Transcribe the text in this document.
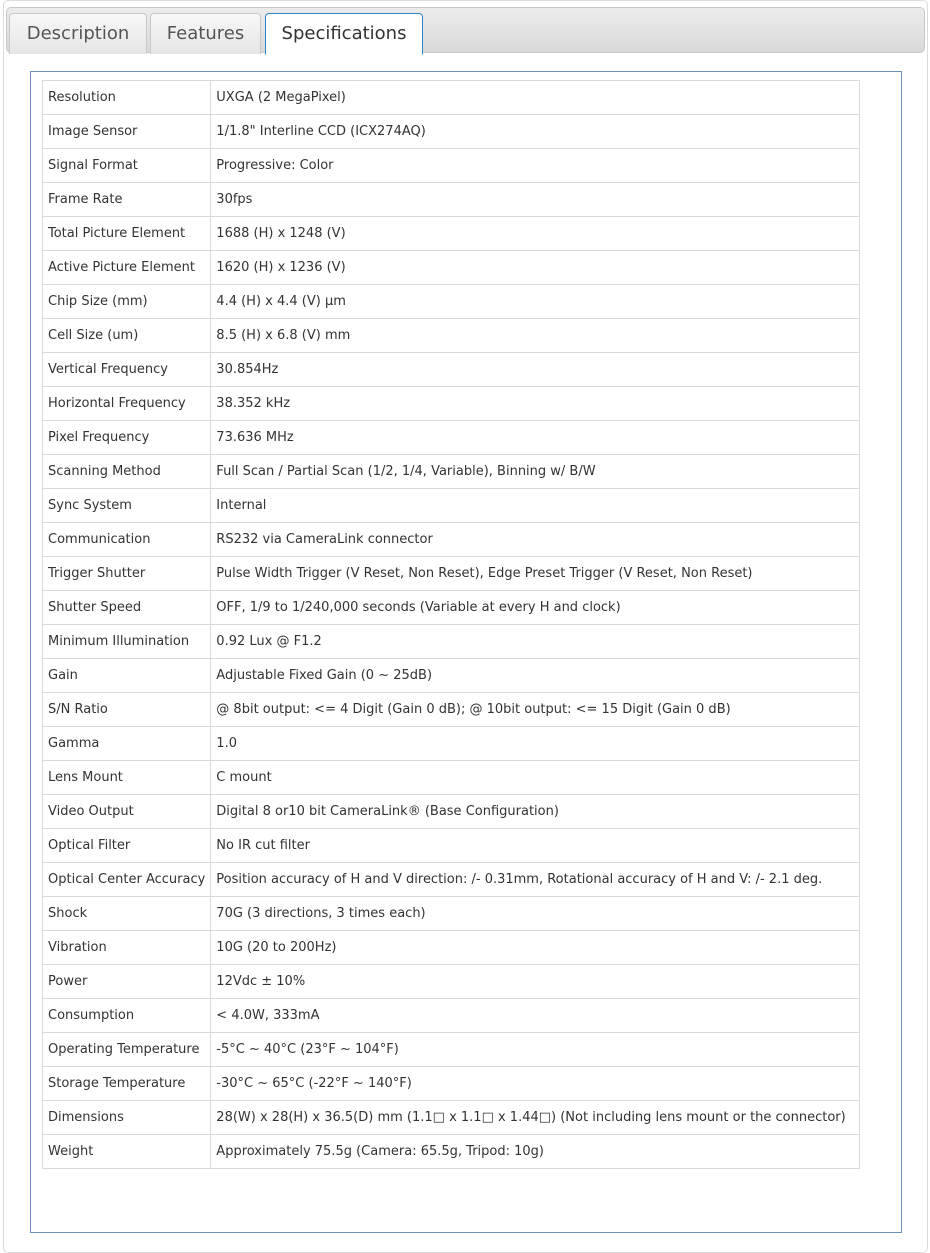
Description	Features	Specifications
Resolution	UXGA (2 MegaPixel)
Image Sensor	1/1.8" Interline CCD (ICX274AQ)
Signal Format	Progressive: Color
Frame Rate	30fps
Total Picture Element	1688 (H) x 1248 (V)
Active Picture Element	1620 (H) x 1236 (V)
Chip Size (mm)	4.4 (H) x 4.4 (V) µm
Cell Size (um)	8.5 (H) x 6.8 (V) mm
Vertical Frequency	30.854Hz
Horizontal Frequency	38.352 kHz
Pixel Frequency	73.636 MHz
Scanning Method	Full Scan / Partial Scan (1/2, 1/4, Variable), Binning w/ B/W
Sync System	Internal
Communication	RS232 via CameraLink connector
Trigger Shutter	Pulse Width Trigger (V Reset, Non Reset), Edge Preset Trigger (V Reset, Non Reset)
Shutter Speed	OFF, 1/9 to 1/240,000 seconds (Variable at every H and clock)
Minimum Illumination	0.92 Lux @ F1.2
Gain	Adjustable Fixed Gain (0 ~ 25dB)
S/N Ratio	@ 8bit output: <= 4 Digit (Gain 0 dB); @ 10bit output: <= 15 Digit (Gain 0 dB)
Gamma	1.0
Lens Mount	C mount
Video Output	Digital 8 or10 bit CameraLink® (Base Configuration)
Optical Filter	No IR cut filter
Optical Center Accuracy	Position accuracy of H and V direction: /- 0.31mm, Rotational accuracy of H and V: /- 2.1 deg.
Shock	70G (3 directions, 3 times each)
Vibration	10G (20 to 200Hz)
Power	12Vdc ± 10%
Consumption	< 4.0W, 333mA
Operating Temperature	-5°C ~ 40°C (23°F ~ 104°F)
Storage Temperature	-30°C ~ 65°C (-22°F ~ 140°F)
Dimensions	28(W) x 28(H) x 36.5(D) mm (1.1□ x 1.1□ x 1.44□) (Not including lens mount or the connector)
Weight	Approximately 75.5g (Camera: 65.5g, Tripod: 10g)
